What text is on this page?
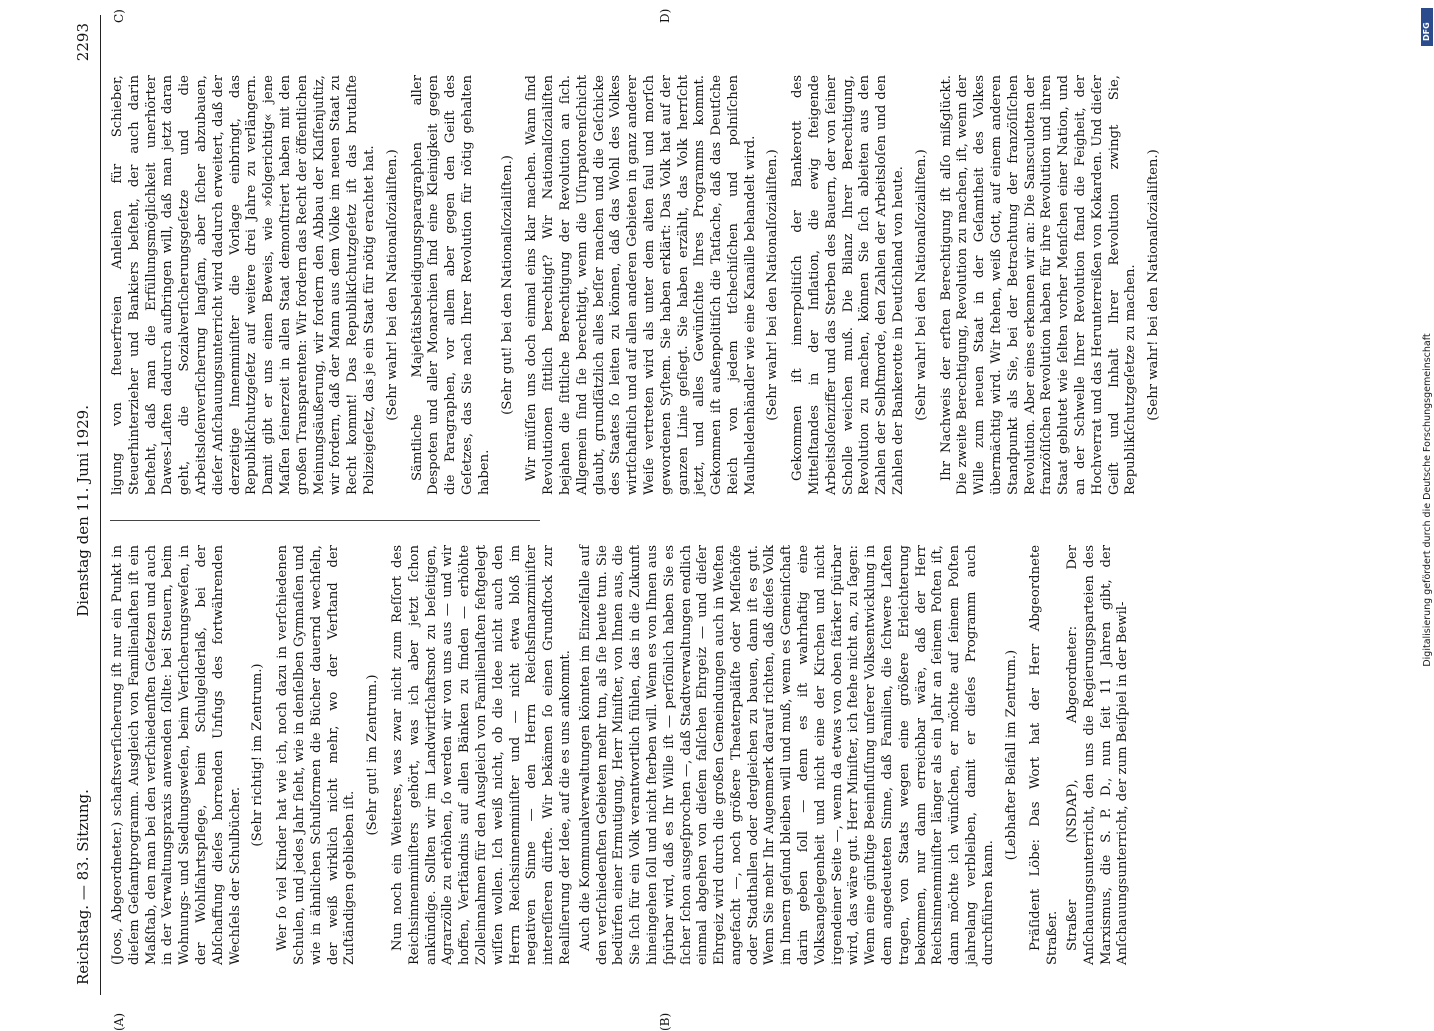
Reichstag. — 83. Sitzung.
Dienstag den 11. Juni 1929.
2293
(A)	(B)
C)	D)

(Joos, Abgeordneter.) schaftsverſicherung iſt nur ein Punkt in dieſem Geſamtprogramm. Ausgleich von Familienlaſten iſt ein Maßſtab, den man bei den verſchiedenſten Geſetzen und auch in der Verwaltungspraxis anwenden ſollte: bei Steuern, beim Wohnungs- und Siedlungsweſen, beim Verſicherungsweſen, in der Wohlfahrtspflege, beim Schulgelderlaß, bei der Abſchaffung dieſes horrenden Unfugs des fortwährenden Wechſels der Schulbücher.

(Sehr richtig! im Zentrum.) Wer ſo viel Kinder hat wie ich, noch dazu in verſchiedenen Schulen, und jedes Jahr ſieht, wie in denſelben Gymnaſien und wie in ähnlichen Schulformen die Bücher dauernd wechſeln, der weiß wirklich nicht mehr, wo der Verſtand der Zuſtändigen geblieben iſt.

(Sehr gut! im Zentrum.) Nun noch ein Weiteres, was zwar nicht zum Reſſort des Reichsinnenminiſters gehört, was ich aber jetzt ſchon ankündige. Sollten wir im Landwirtſchaftsnot zu beſeitigen, Agrarzölle zu erhöhen, ſo werden wir von uns aus — und wir hoffen, Verſtändnis auf allen Bänken zu finden — erhöhte Zolleinnahmen für den Ausgleich von Familienlaſten feſtgelegt wiſſen wollen. Ich weiß nicht, ob die Idee nicht auch den Herrn Reichsinnenminiſter und — nicht etwa bloß im negativen Sinne — den Herrn Reichsfinanzminiſter intereſſieren dürfte. Wir bekämen ſo einen Grundſtock zur Realiſierung der Idee, auf die es uns ankommt. Auch die Kommunalverwaltungen könnten im Einzelfalle auf den verſchiedenſten Gebieten mehr tun, als ſie heute tun. Sie bedürfen einer Ermutigung, Herr Miniſter, von Ihnen aus, die Sie ſich für ein Volk verantwortlich fühlen, das in die Zukunft hineingehen ſoll und nicht ſterben will. Wenn es von Ihnen aus ſpürbar wird, daß es Ihr Wille iſt — perſönlich haben Sie es ſicher ſchon ausgeſprochen —, daß Stadtverwaltungen endlich einmal abgehen von dieſem falſchen Ehrgeiz — und dieſer Ehrgeiz wird durch die großen Gemeindungen auch in Weſten angefacht —, noch größere Theaterpaläſte oder Meſſehöfe oder Stadthallen oder dergleichen zu bauen, dann iſt es gut. Wenn Sie mehr Ihr Augenmerk darauf richten, daß dieſes Volk im Innern geſund bleiben will und muß, wenn es Gemeinſchaft darin geben ſoll — denn es iſt wahrhaftig eine Volksangelegenheit und nicht eine der Kirchen und nicht irgendeiner Seite —, wenn da etwas von oben ſtärker ſpürbar wird, das wäre gut. Herr Miniſter, ich ſtehe nicht an, zu ſagen: Wenn eine günſtige Beeinfluſſung unſerer Volksentwicklung in dem angedeuteten Sinne, daß Familien, die ſchwere Laſten tragen, von Staats wegen eine größere Erleichterung bekommen, nur dann erreichbar wäre, daß der Herr Reichsinnenminiſter länger als ein Jahr an ſeinem Poſten iſt, dann möchte ich wünſchen, er möchte auf ſeinem Poſten jahrelang verbleiben, damit er dieſes Programm auch durchführen kann.

(Lebhafter Beifall im Zentrum.) Präſident Löbe: Das Wort hat der Herr Abgeordnete Straßer. Straßer (NSDAP), Abgeordneter: Der Anſchauungsunterricht, den uns die Regierungsparteien des Marxismus, die S. P. D., nun ſeit 11 Jahren gibt, der Anſchauungsunterricht, der zum Beiſpiel in der Bewil-

ligung von ſteuerfreien Anleihen für Schieber, Steuerhinterzieher und Bankiers beſteht, der auch darin beſteht, daß man die Erfüllungsmöglichkeit unerhörter Dawes-Laſten dadurch aufbringen will, daß man jetzt daran geht, die Sozialverſicherungsgeſetze und die Arbeitsloſenverſicherung langſam, aber ſicher abzubauen, dieſer Anſchauungsunterricht wird dadurch erweitert, daß der derzeitige Innenminiſter die Vorlage einbringt, das Republikſchutzgeſetz auf weitere drei Jahre zu verlängern. Damit gibt er uns einen Beweis, wie »folgerichtig« jene Maſſen ſeinerzeit in allen Staat demonſtriert haben mit den großen Transparenten: Wir fordern das Recht der öffentlichen Meinungsäußerung, wir fordern den Abbau der Klaſſenjuſtiz, wir fordern, daß der Mann aus dem Volke im neuen Staat zu Recht kommt! Das Republikſchutzgeſetz iſt das brutalſte Polizeigeſetz, das je ein Staat für nötig erachtet hat. (Sehr wahr! bei den Nationalſozialiſten.) Sämtliche Majeſtätsbeleidigungsparagraphen aller Despoten und aller Monarchien ſind eine Kleinigkeit gegen die Paragraphen, vor allem aber gegen den Geiſt des Geſetzes, das Sie nach Ihrer Revolution für nötig gehalten haben.

(Sehr gut! bei den Nationalſozialiſten.) Wir müſſen uns doch einmal eins klar machen. Wann ſind Revolutionen ſittlich berechtigt? Wir Nationalſozialiſten bejahen die ſittliche Berechtigung der Revolution an ſich. Allgemein ſind ſie berechtigt, wenn die Uſurpatorenſchicht glaubt, grundſätzlich alles beſſer machen und die Geſchicke des Staates ſo leiten zu können, daß das Wohl des Volkes wirtſchaftlich und auf allen anderen Gebieten in ganz anderer Weiſe vertreten wird als unter dem alten faul und morſch gewordenen Syſtem. Sie haben erklärt: Das Volk hat auf der ganzen Linie geſiegt. Sie haben erzählt, das Volk herrſcht jetzt, und alles Gewünſchte Ihres Programms kommt. Gekommen iſt außenpolitiſch die Tatſache, daß das Deutſche Reich von jedem tſchechiſchen und polniſchen Maulheldenhändler wie eine Kanaille behandelt wird. (Sehr wahr! bei den Nationalſozialiſten.) Gekommen iſt innerpolitiſch der Bankerott des Mittelſtandes in der Inflation, die ewig ſteigende Arbeitsloſenziffer und das Sterben des Bauern, der von ſeiner Scholle weichen muß. Die Bilanz Ihrer Berechtigung, Revolution zu machen, können Sie ſich ableiten aus den Zahlen der Selbſtmorde, den Zahlen der Arbeitsloſen und den Zahlen der Bankerotte in Deutſchland von heute. (Sehr wahr! bei den Nationalſozialiſten.) Ihr Nachweis der erſten Berechtigung iſt alſo mißglückt. Die zweite Berechtigung, Revolution zu machen, iſt, wenn der Wille zum neuen Staat in der Geſamtheit des Volkes übermächtig wird. Wir ſtehen, weiß Gott, auf einem anderen Standpunkt als Sie, bei der Betrachtung der franzöſiſchen Revolution. Aber eines erkennen wir an: Die Sansculotten der franzöſiſchen Revolution haben für ihre Revolution und ihren Staat geblutet wie ſelten vorher Menſchen einer Nation, und an der Schwelle Ihrer Revolution ſtand die Feigheit, der Hochverrat und das Herunterreißen von Kokarden. Und dieſer Geiſt und Inhalt Ihrer Revolution zwingt Sie, Republikſchutzgeſetze zu machen. (Sehr wahr! bei den Nationalſozialiſten.)

DFG
Digitalisierung gefördert durch die Deutsche Forschungsgemeinschaft
